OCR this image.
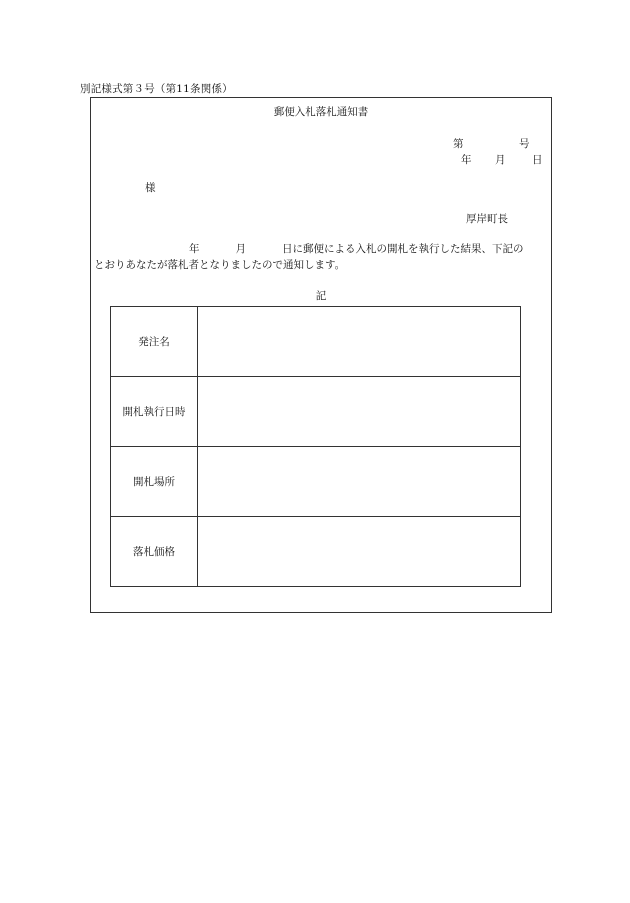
別記様式第３号（第11条関係）
郵便入札落札通知書
第	号
年 月	日
様
厚岸町長
年	月	日に郵便による入札の開札を執行した結果、下記の
とおりあなたが落札者となりましたので通知します。
記
発注名	
開札執行日時	
開札場所	
落札価格	
